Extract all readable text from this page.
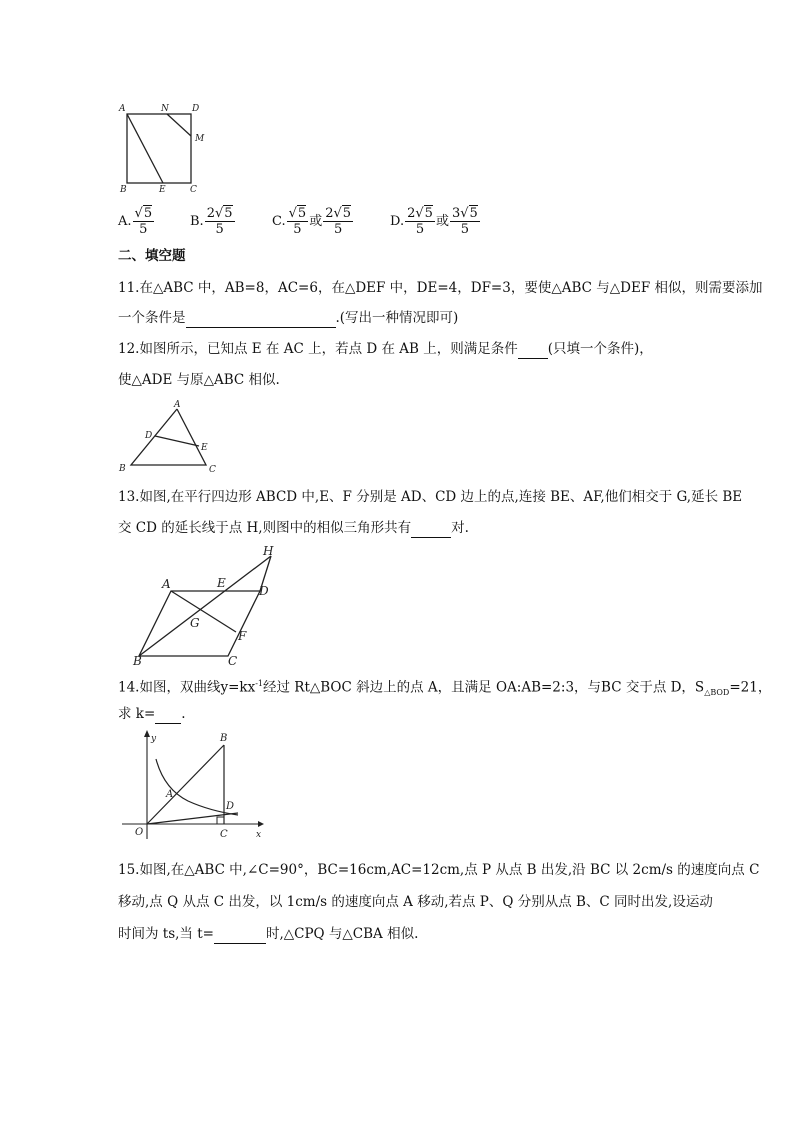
A	N	D
M
B	E	C
A. $\frac{√5}{5}$	B. $\frac{2√5}{5}$	C. $\frac{√5}{5}$ 或 $\frac{2√5}{5}$	D. $\frac{2√5}{5}$ 或 $\frac{3√5}{5}$
二、填空题
11.在△ABC 中，AB=8，AC=6，在△DEF 中，DE=4，DF=3，要使△ABC 与△DEF 相似，则需要添加
一个条件是	.(写出一种情况即可)
12.如图所示，已知点 E 在 AC 上，若点 D 在 AB 上，则满足条件 (只填一个条件)，
使△ADE 与原△ABC 相似.
A
D
E
B	C
13.如图,在平行四边形 ABCD 中,E、F 分别是 AD、CD 边上的点,连接 BE、AF,他们相交于 G,延长 BE
交 CD 的延长线于点 H,则图中的相似三角形共有	对.
A	E
D
H
G
F
B	C
14.如图，双曲线$y=kx^{-1}$经过 Rt△BOC 斜边上的点 A，且满足 OA:AB=2:3，与BC 交于点 D，$S_{\triangle BOD}=21$，
求 k= .
y
x
O
A
B
C
D
15.如图,在△ABC 中,∠C=90°，BC=16cm,AC=12cm,点 P 从点 B 出发,沿 BC 以 2cm/s 的速度向点 C
移动,点 Q 从点 C 出发，以 1cm/s 的速度向点 A 移动,若点 P、Q 分别从点 B、C 同时出发,设运动
时间为 ts,当 t=	时,△CPQ 与△CBA 相似.
